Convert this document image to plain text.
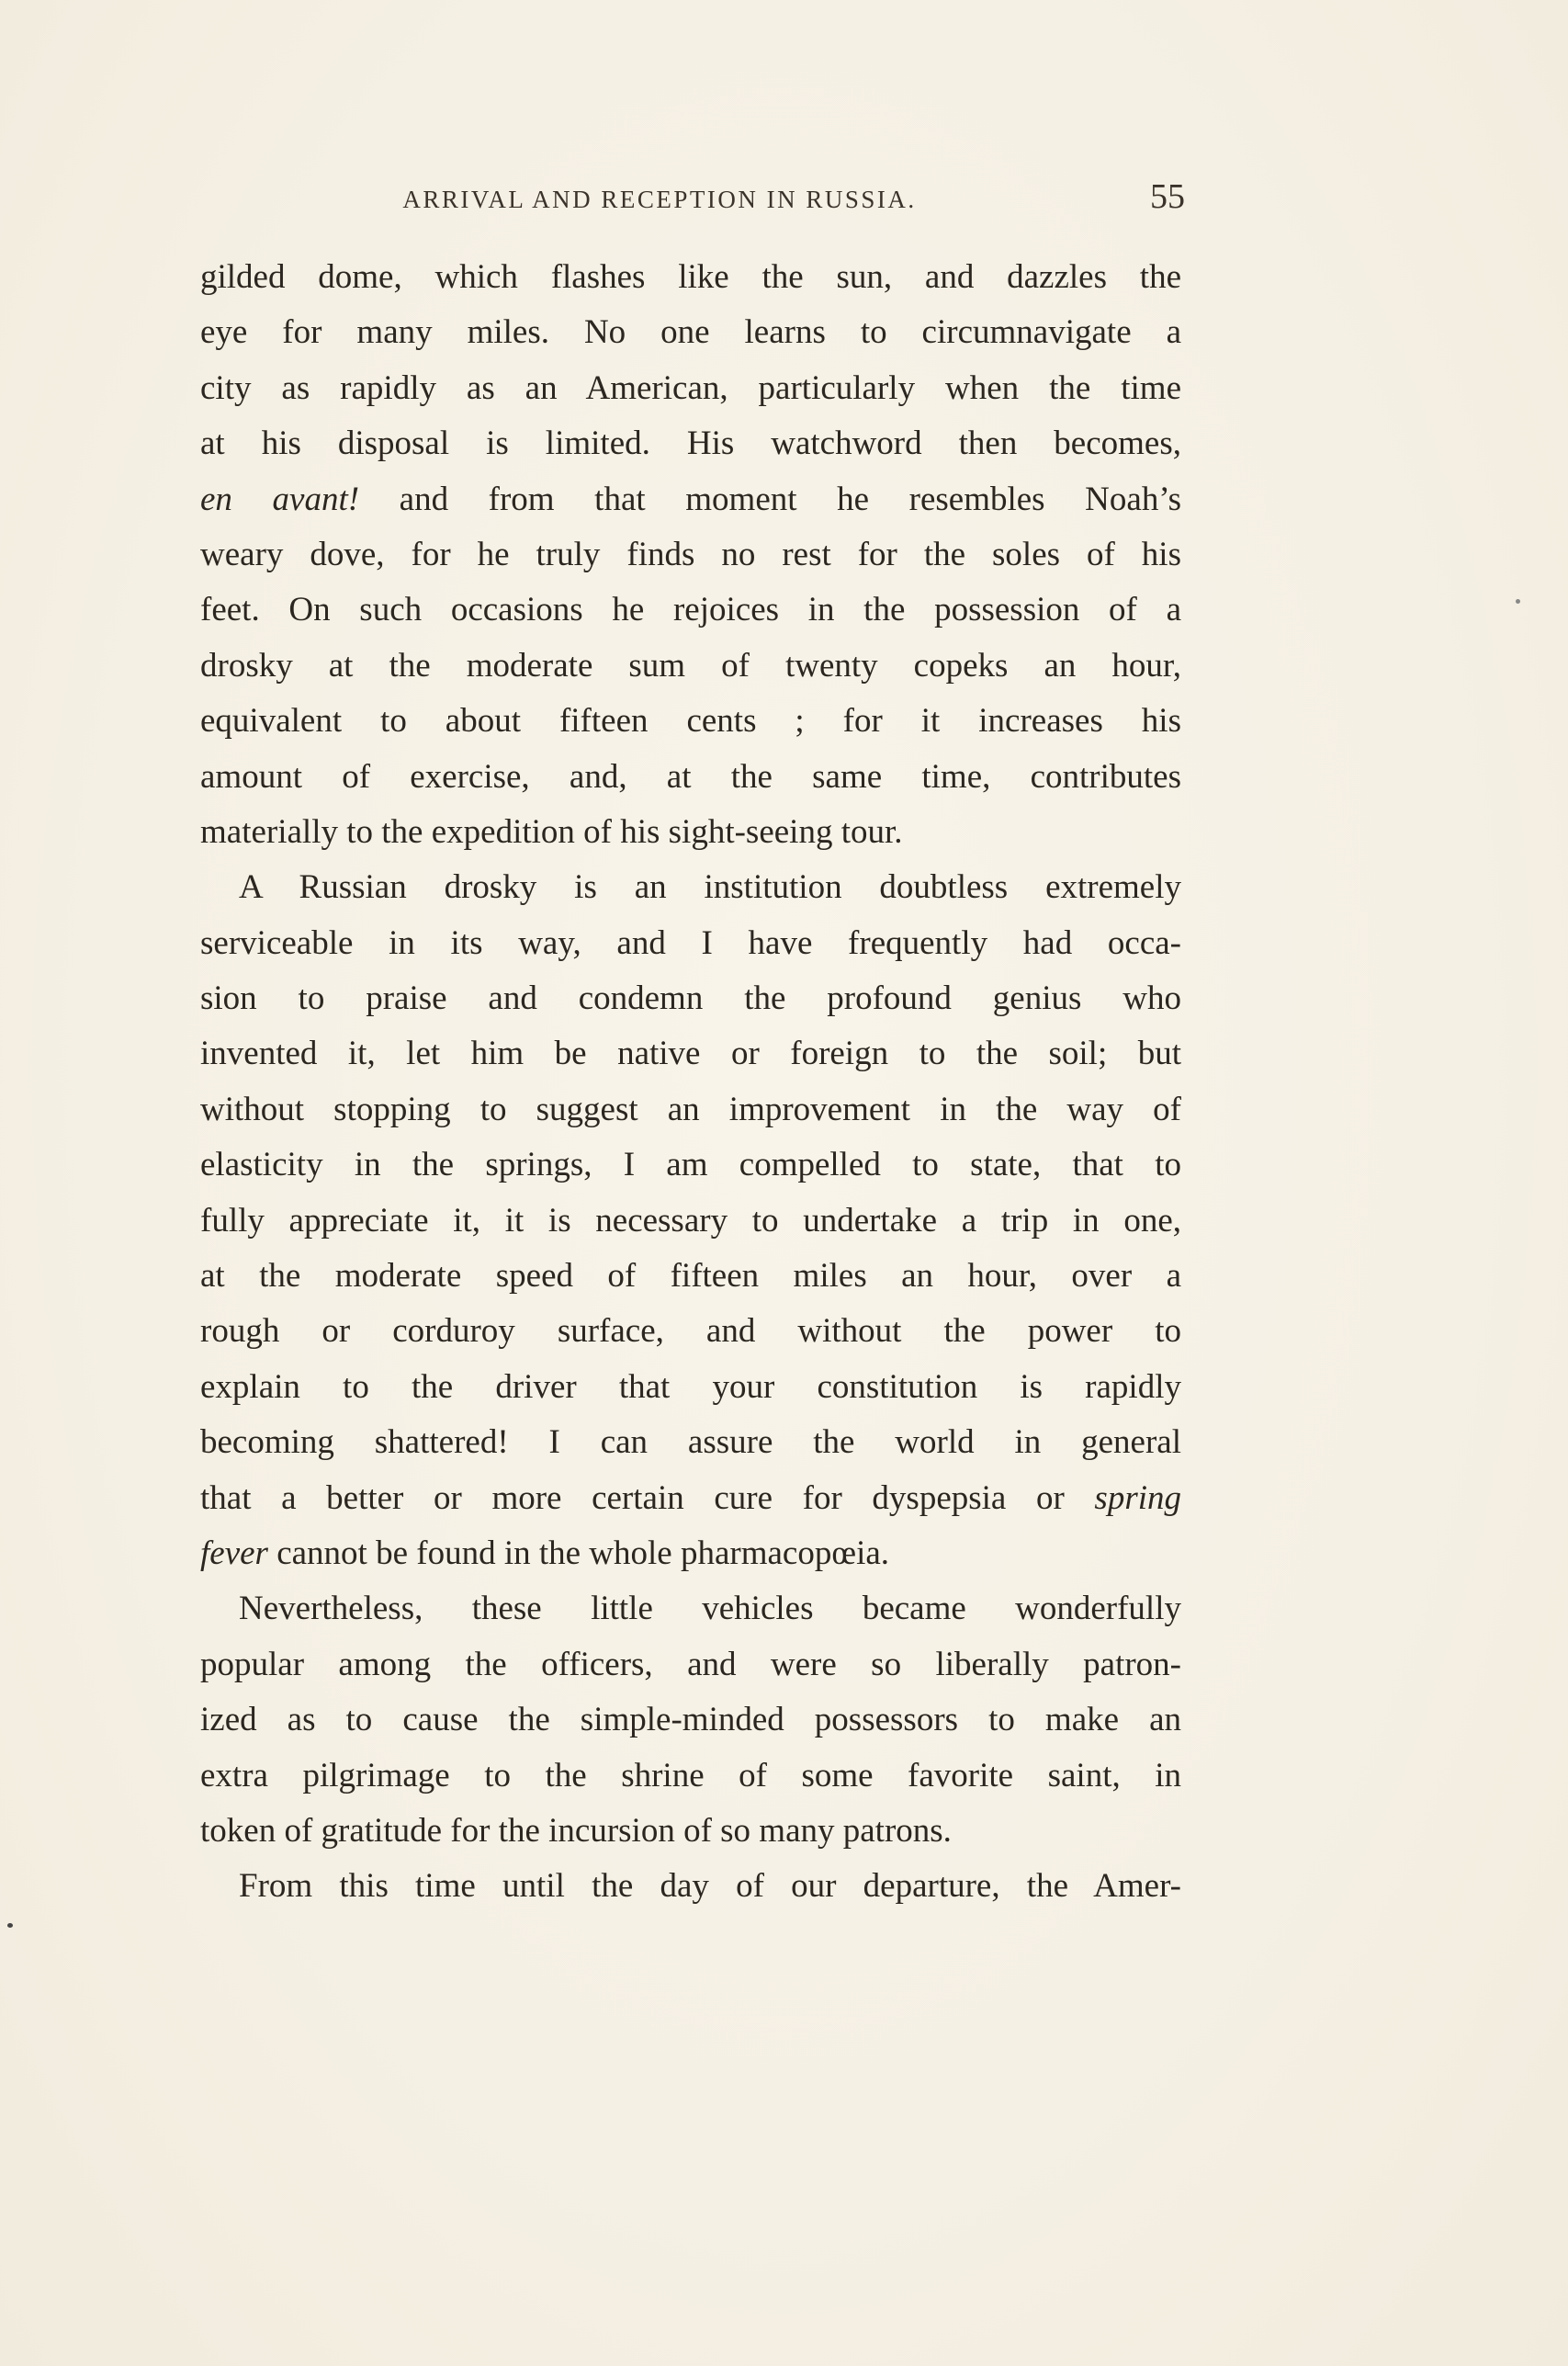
ARRIVAL AND RECEPTION IN RUSSIA.	55
gilded dome, which flashes like the sun, and dazzles the
eye for many miles. No one learns to circumnavigate a
city as rapidly as an American, particularly when the time
at his disposal is limited. His watchword then becomes,
en avant! and from that moment he resembles Noah’s
weary dove, for he truly finds no rest for the soles of his
feet. On such occasions he rejoices in the possession of a
drosky at the moderate sum of twenty copeks an hour,
equivalent to about fifteen cents ; for it increases his
amount of exercise, and, at the same time, contributes
materially to the expedition of his sight-seeing tour.
A Russian drosky is an institution doubtless extremely
serviceable in its way, and I have frequently had occa-
sion to praise and condemn the profound genius who
invented it, let him be native or foreign to the soil; but
without stopping to suggest an improvement in the way of
elasticity in the springs, I am compelled to state, that to
fully appreciate it, it is necessary to undertake a trip in one,
at the moderate speed of fifteen miles an hour, over a
rough or corduroy surface, and without the power to
explain to the driver that your constitution is rapidly
becoming shattered! I can assure the world in general
that a better or more certain cure for dyspepsia or spring
fever cannot be found in the whole pharmacopœia.
Nevertheless, these little vehicles became wonderfully
popular among the officers, and were so liberally patron-
ized as to cause the simple-minded possessors to make an
extra pilgrimage to the shrine of some favorite saint, in
token of gratitude for the incursion of so many patrons.
From this time until the day of our departure, the Amer-
